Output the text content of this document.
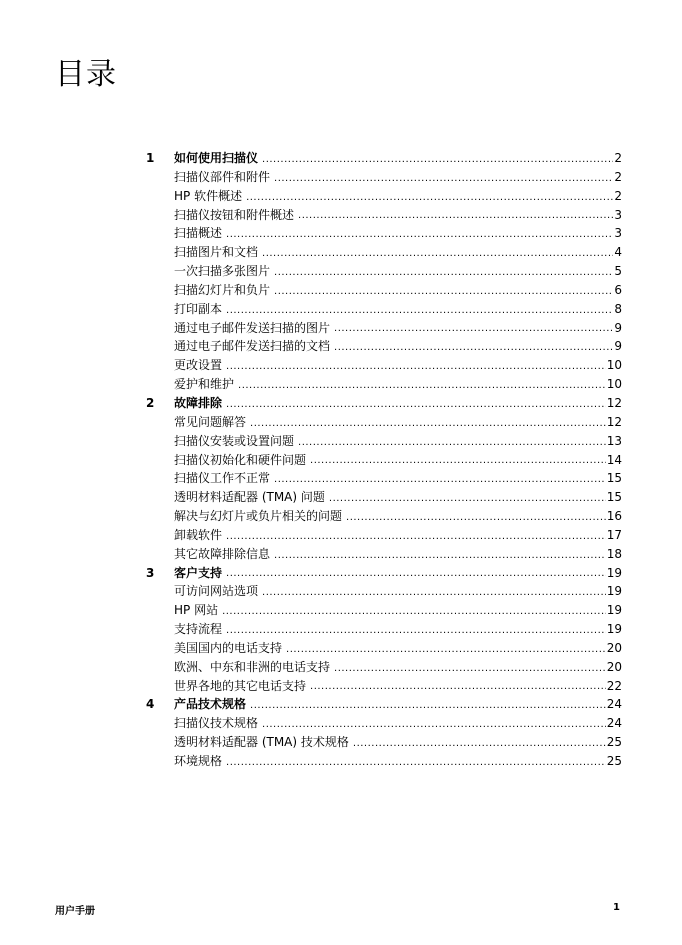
目录
1	如何使用扫描仪 .....	2
扫描仪部件和附件 .....	2
HP 软件概述 .....	2
扫描仪按钮和附件概述 .....	3
扫描概述 .....	3
扫描图片和文档 .....	4
一次扫描多张图片 .....	5
扫描幻灯片和负片 .....	6
打印副本 .....	8
通过电子邮件发送扫描的图片 .....	9
通过电子邮件发送扫描的文档 .....	9
更改设置 .....	10
爱护和维护 .....	10
2	故障排除 .....	12
常见问题解答 .....	12
扫描仪安装或设置问题 .....	13
扫描仪初始化和硬件问题 .....	14
扫描仪工作不正常 .....	15
透明材料适配器 (TMA) 问题 .....	15
解决与幻灯片或负片相关的问题 .....	16
卸载软件 .....	17
其它故障排除信息 .....	18
3	客户支持 .....	19
可访问网站选项 .....	19
HP 网站 .....	19
支持流程 .....	19
美国国内的电话支持 .....	20
欧洲、中东和非洲的电话支持 .....	20
世界各地的其它电话支持 .....	22
4	产品技术规格 .....	24
扫描仪技术规格 .....	24
透明材料适配器 (TMA) 技术规格 .....	25
环境规格 .....	25
用户手册	1
